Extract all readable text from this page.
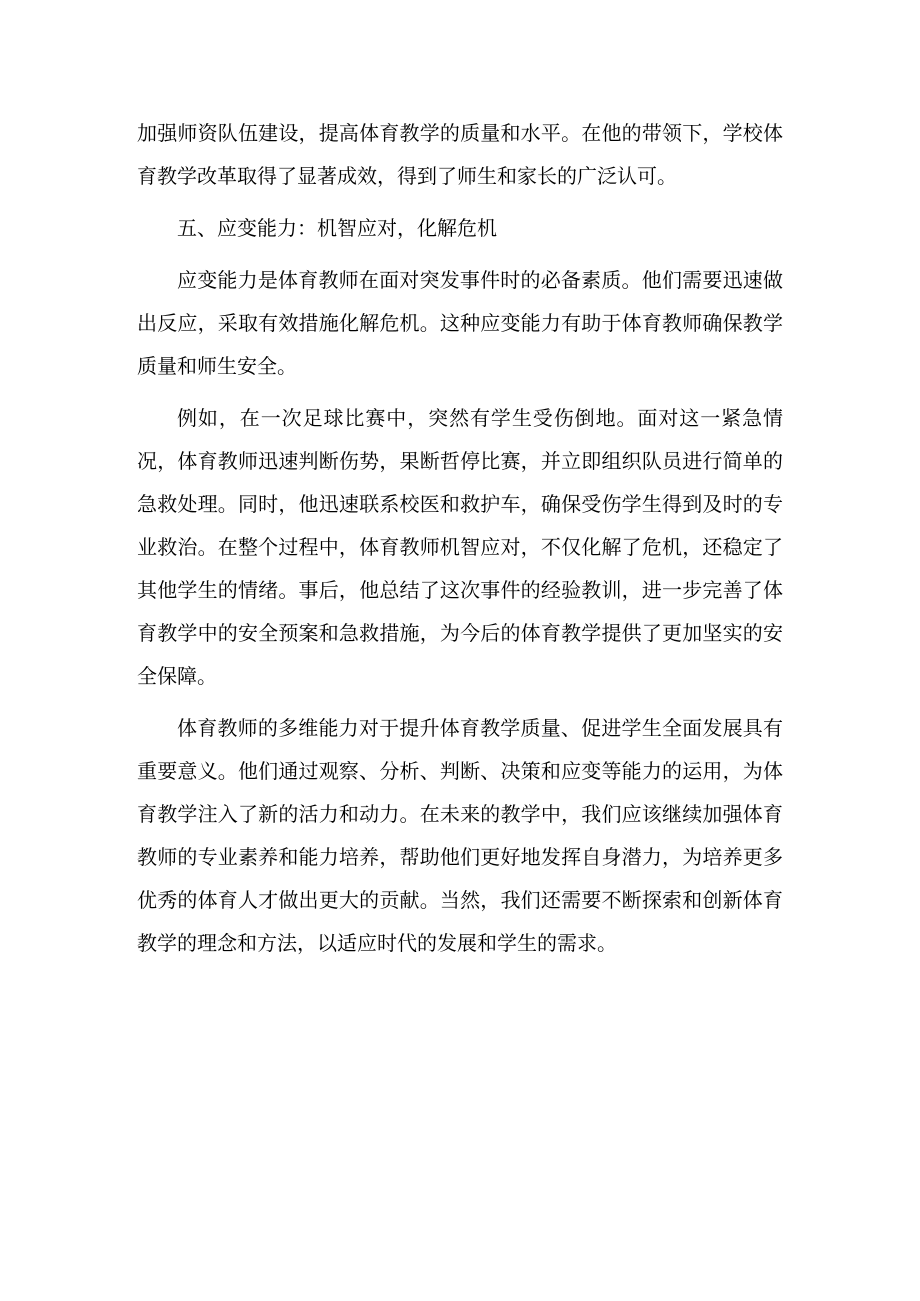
加强师资队伍建设，提高体育教学的质量和水平。在他的带领下，学校体育教学改革取得了显著成效，得到了师生和家长的广泛认可。

五、应变能力：机智应对，化解危机

应变能力是体育教师在面对突发事件时的必备素质。他们需要迅速做出反应，采取有效措施化解危机。这种应变能力有助于体育教师确保教学质量和师生安全。

例如，在一次足球比赛中，突然有学生受伤倒地。面对这一紧急情况，体育教师迅速判断伤势，果断哲停比赛，并立即组织队员进行简单的急救处理。同时，他迅速联系校医和救护车，确保受伤学生得到及时的专业救治。在整个过程中，体育教师机智应对，不仅化解了危机，还稳定了其他学生的情绪。事后，他总结了这次事件的经验教训，进一步完善了体育教学中的安全预案和急救措施，为今后的体育教学提供了更加坚实的安全保障。

体育教师的多维能力对于提升体育教学质量、促进学生全面发展具有重要意义。他们通过观察、分析、判断、决策和应变等能力的运用，为体育教学注入了新的活力和动力。在未来的教学中，我们应该继续加强体育教师的专业素养和能力培养，帮助他们更好地发挥自身潜力，为培养更多优秀的体育人才做出更大的贡献。当然，我们还需要不断探索和创新体育教学的理念和方法，以适应时代的发展和学生的需求。
